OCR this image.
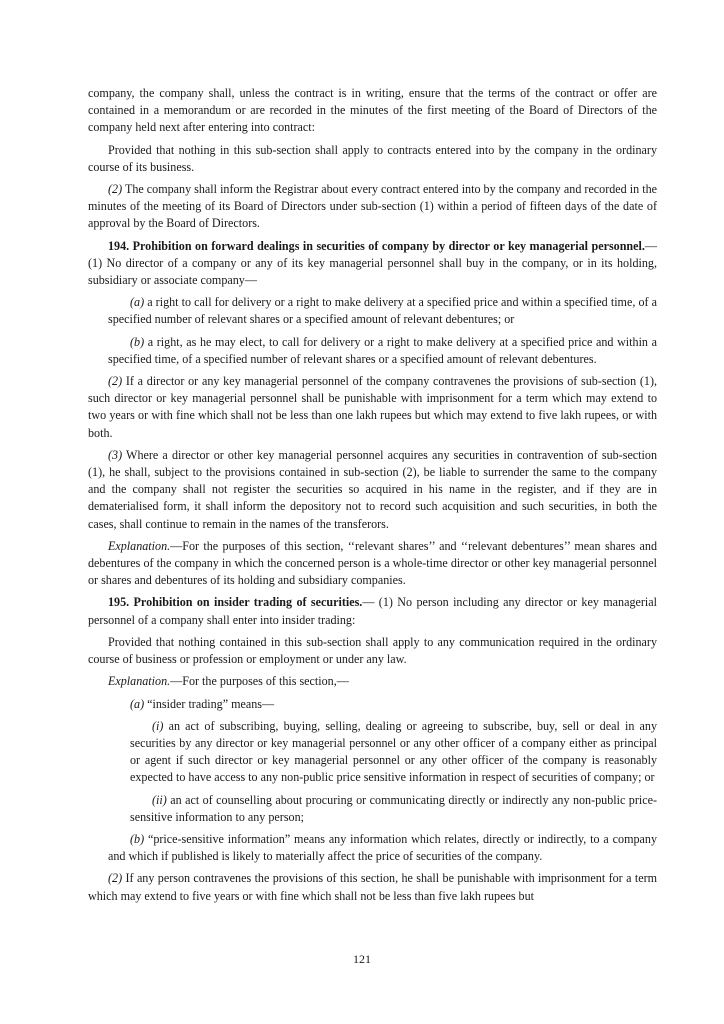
company, the company shall, unless the contract is in writing, ensure that the terms of the contract or offer are contained in a memorandum or are recorded in the minutes of the first meeting of the Board of Directors of the company held next after entering into contract:

Provided that nothing in this sub-section shall apply to contracts entered into by the company in the ordinary course of its business.

(2) The company shall inform the Registrar about every contract entered into by the company and recorded in the minutes of the meeting of its Board of Directors under sub-section (1) within a period of fifteen days of the date of approval by the Board of Directors.

194. Prohibition on forward dealings in securities of company by director or key managerial personnel.— (1) No director of a company or any of its key managerial personnel shall buy in the company, or in its holding, subsidiary or associate company—

(a) a right to call for delivery or a right to make delivery at a specified price and within a specified time, of a specified number of relevant shares or a specified amount of relevant debentures; or

(b) a right, as he may elect, to call for delivery or a right to make delivery at a specified price and within a specified time, of a specified number of relevant shares or a specified amount of relevant debentures.

(2) If a director or any key managerial personnel of the company contravenes the provisions of sub-section (1), such director or key managerial personnel shall be punishable with imprisonment for a term which may extend to two years or with fine which shall not be less than one lakh rupees but which may extend to five lakh rupees, or with both.

(3) Where a director or other key managerial personnel acquires any securities in contravention of sub-section (1), he shall, subject to the provisions contained in sub-section (2), be liable to surrender the same to the company and the company shall not register the securities so acquired in his name in the register, and if they are in dematerialised form, it shall inform the depository not to record such acquisition and such securities, in both the cases, shall continue to remain in the names of the transferors.

Explanation.—For the purposes of this section, ‘‘relevant shares’’ and ‘‘relevant debentures’’ mean shares and debentures of the company in which the concerned person is a whole-time director or other key managerial personnel or shares and debentures of its holding and subsidiary companies.

195. Prohibition on insider trading of securities.— (1) No person including any director or key managerial personnel of a company shall enter into insider trading:

Provided that nothing contained in this sub-section shall apply to any communication required in the ordinary course of business or profession or employment or under any law.

Explanation.—For the purposes of this section,—

(a) “insider trading” means—

(i) an act of subscribing, buying, selling, dealing or agreeing to subscribe, buy, sell or deal in any securities by any director or key managerial personnel or any other officer of a company either as principal or agent if such director or key managerial personnel or any other officer of the company is reasonably expected to have access to any non-public price sensitive information in respect of securities of company; or

(ii) an act of counselling about procuring or communicating directly or indirectly any non-public price-sensitive information to any person;

(b) “price-sensitive information” means any information which relates, directly or indirectly, to a company and which if published is likely to materially affect the price of securities of the company.

(2) If any person contravenes the provisions of this section, he shall be punishable with imprisonment for a term which may extend to five years or with fine which shall not be less than five lakh rupees but

121
